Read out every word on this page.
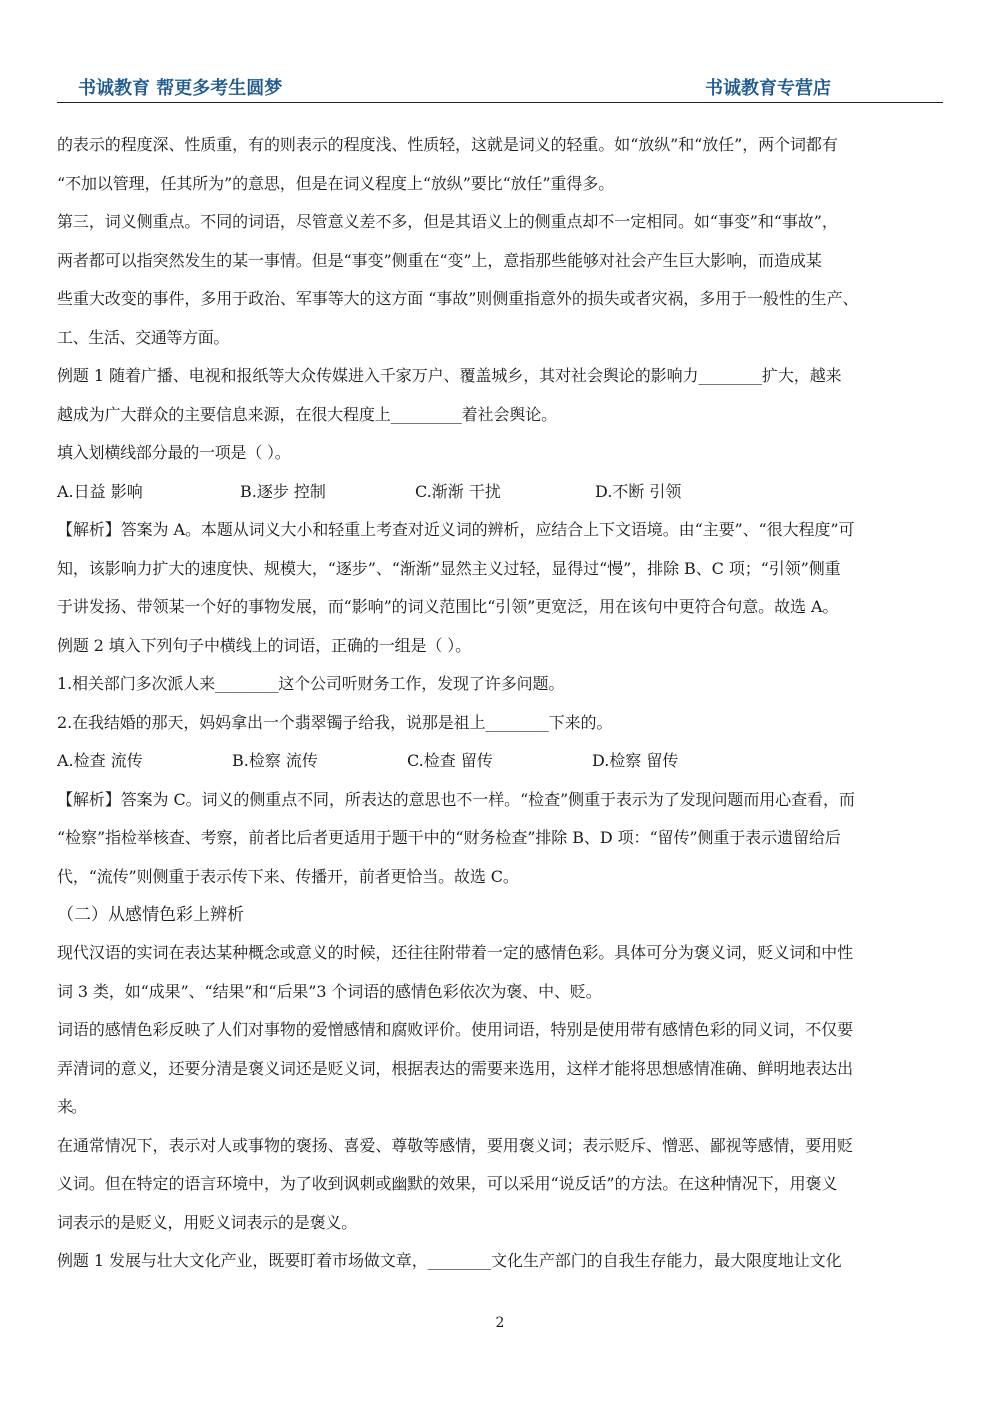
书诚教育 帮更多考生圆梦	书诚教育专营店

的表示的程度深、性质重，有的则表示的程度浅、性质轻，这就是词义的轻重。如“放纵”和“放任”，两个词都有

“不加以管理，任其所为”的意思，但是在词义程度上“放纵”要比“放任”重得多。

第三，词义侧重点。不同的词语，尽管意义差不多，但是其语义上的侧重点却不一定相同。如“事变”和“事故”，

两者都可以指突然发生的某一事情。但是“事变”侧重在“变”上，意指那些能够对社会产生巨大影响，而造成某

些重大改变的事件，多用于政治、军事等大的这方面 “事故”则侧重指意外的损失或者灾祸，多用于一般性的生产、

工、生活、交通等方面。

例题 1 随着广播、电视和报纸等大众传媒进入千家万户、覆盖城乡，其对社会舆论的影响力________扩大，越来

越成为广大群众的主要信息来源，在很大程度上_________着社会舆论。

填入划横线部分最的一项是（ ）。

A.日益 影响	B.逐步 控制	C.渐渐 干扰	D.不断 引领

【解析】答案为 A。本题从词义大小和轻重上考查对近义词的辨析，应结合上下文语境。由“主要”、“很大程度”可

知，该影响力扩大的速度快、规模大，“逐步”、“渐渐”显然主义过轻，显得过“慢”，排除 B、C 项；“引领”侧重

于讲发扬、带领某一个好的事物发展，而“影响”的词义范围比“引领”更宽泛，用在该句中更符合句意。故选 A。

例题 2 填入下列句子中横线上的词语，正确的一组是（ ）。

1.相关部门多次派人来________这个公司听财务工作，发现了许多问题。

2.在我结婚的那天，妈妈拿出一个翡翠镯子给我，说那是祖上________下来的。

A.检查 流传	B.检察 流传	C.检查 留传	D.检察 留传

【解析】答案为 C。词义的侧重点不同，所表达的意思也不一样。“检查”侧重于表示为了发现问题而用心查看，而

“检察”指检举核查、考察，前者比后者更适用于题干中的“财务检查”排除 B、D 项：“留传”侧重于表示遗留给后

代，“流传”则侧重于表示传下来、传播开，前者更恰当。故选 C。

（二）从感情色彩上辨析

现代汉语的实词在表达某种概念或意义的时候，还往往附带着一定的感情色彩。具体可分为褒义词，贬义词和中性

词 3 类，如“成果”、“结果”和“后果”3 个词语的感情色彩依次为褒、中、贬。

词语的感情色彩反映了人们对事物的爱憎感情和腐败评价。使用词语，特别是使用带有感情色彩的同义词，不仅要

弄清词的意义，还要分清是褒义词还是贬义词，根据表达的需要来选用，这样才能将思想感情准确、鲜明地表达出

来。

在通常情况下，表示对人或事物的褒扬、喜爱、尊敬等感情，要用褒义词；表示贬斥、憎恶、鄙视等感情，要用贬

义词。但在特定的语言环境中，为了收到讽刺或幽默的效果，可以采用“说反话”的方法。在这种情况下，用褒义

词表示的是贬义，用贬义词表示的是褒义。

例题 1 发展与壮大文化产业，既要盯着市场做文章，________文化生产部门的自我生存能力，最大限度地让文化

2
